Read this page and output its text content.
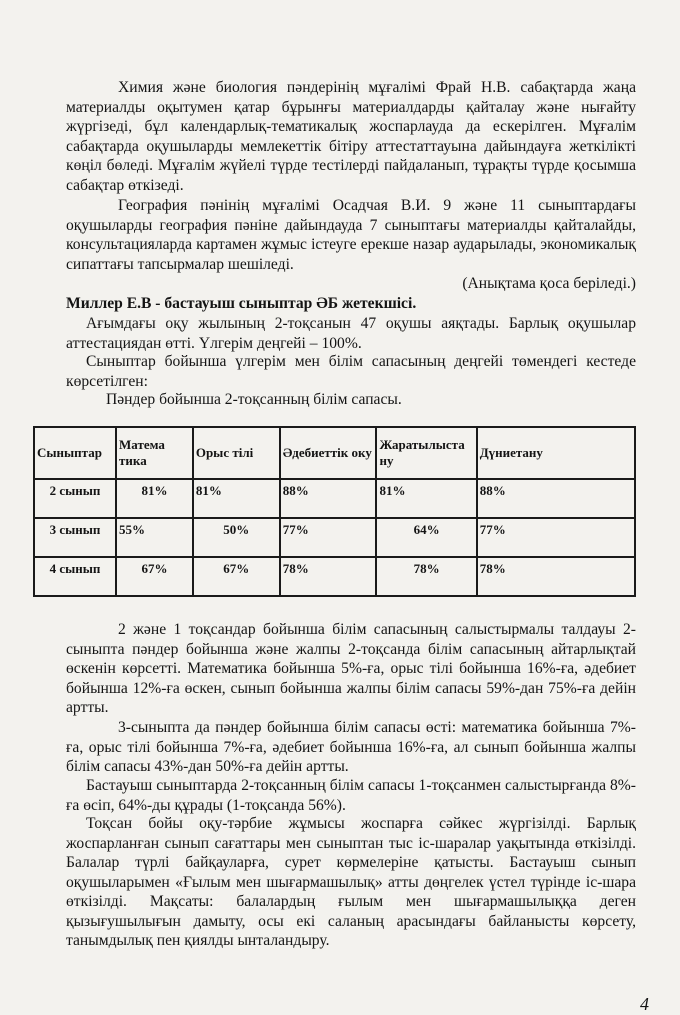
Химия және биология пәндерінің мұғалімі Фрай Н.В. сабақтарда жаңа материалды оқытумен қатар бұрынғы материалдарды қайталау және нығайту жүргізеді, бұл календарлық-тематикалық жоспарлауда да ескерілген. Мұғалім сабақтарда оқушыларды мемлекеттік бітіру аттестаттауына дайындауға жеткілікті көңіл бөледі. Мұғалім жүйелі түрде тестілерді пайдаланып, тұрақты түрде қосымша сабақтар өткізеді.
География пәнінің мұғалімі Осадчая В.И. 9 және 11 сыныптардағы оқушыларды география пәніне дайындауда 7 сыныптағы материалды қайталайды, консультацияларда картамен жұмыс істеуге ерекше назар аударылады, экономикалық сипаттағы тапсырмалар шешіледі.
(Анықтама қоса беріледі.)
Миллер Е.В - бастауыш сыныптар ӘБ жетекшісі.
Ағымдағы оқу жылының 2-тоқсанын 47 оқушы аяқтады. Барлық оқушылар аттестациядан өтті. Үлгерім деңгейі – 100%.
Сыныптар бойынша үлгерім мен білім сапасының деңгейі төмендегі кестеде көрсетілген:
Пәндер бойынша 2-тоқсанның білім сапасы.
Сыныптар	Матема тика	Орыс тілі	Әдебиеттік оку	Жаратылыста ну	Дүниетану
2 сынып	81%	81%	88%	81%	88%
3 сынып	55%	50%	77%	64%	77%
4 сынып	67%	67%	78%	78%	78%
2 және 1 тоқсандар бойынша білім сапасының салыстырмалы талдауы 2-сыныпта пәндер бойынша және жалпы 2-тоқсанда білім сапасының айтарлықтай өскенін көрсетті. Математика бойынша 5%-ға, орыс тілі бойынша 16%-ға, әдебиет бойынша 12%-ға өскен, сынып бойынша жалпы білім сапасы 59%-дан 75%-ға дейін артты.
3-сыныпта да пәндер бойынша білім сапасы өсті: математика бойынша 7%-ға, орыс тілі бойынша 7%-ға, әдебиет бойынша 16%-ға, ал сынып бойынша жалпы білім сапасы 43%-дан 50%-ға дейін артты.
Бастауыш сыныптарда 2-тоқсанның білім сапасы 1-тоқсанмен салыстырғанда 8%-ға өсіп, 64%-ды құрады (1-тоқсанда 56%).
Тоқсан бойы оқу-тәрбие жұмысы жоспарға сәйкес жүргізілді. Барлық жоспарланған сынып сағаттары мен сыныптан тыс іс-шаралар уақытында өткізілді. Балалар түрлі байқауларға, сурет көрмелеріне қатысты. Бастауыш сынып оқушыларымен «Ғылым мен шығармашылық» атты дөңгелек үстел түрінде іс-шара өткізілді. Мақсаты: балалардың ғылым мен шығармашылыққа деген қызығушылығын дамыту, осы екі саланың арасындағы байланысты көрсету, танымдылық пен қиялды ынталандыру.
4
